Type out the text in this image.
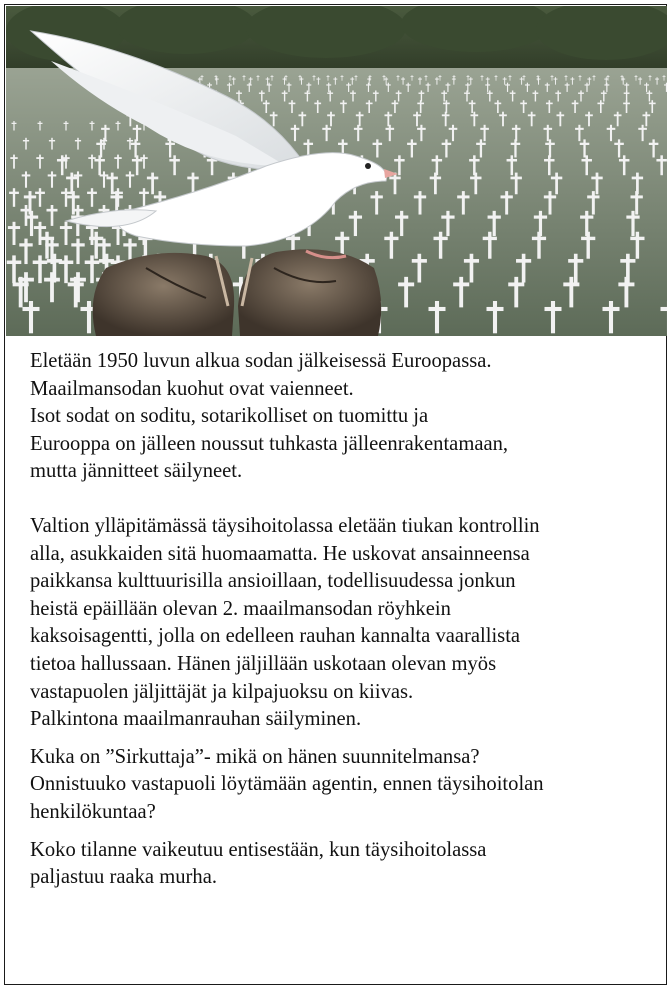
Eletään 1950 luvun alkua sodan jälkeisessä Euroopassa.
Maailmansodan kuohut ovat vaienneet.
Isot sodat on soditu, sotarikolliset on tuomittu ja
Eurooppa on jälleen noussut tuhkasta jälleenrakentamaan,
mutta jännitteet säilyneet.

Valtion ylläpitämässä täysihoitolassa eletään tiukan kontrollin
alla, asukkaiden sitä huomaamatta. He uskovat ansainneensa
paikkansa kulttuurisilla ansioillaan, todellisuudessa jonkun
heistä epäillään olevan 2. maailmansodan röyhkein
kaksoisagentti, jolla on edelleen rauhan kannalta vaarallista
tietoa hallussaan. Hänen jäljillään uskotaan olevan myös
vastapuolen jäljittäjät ja kilpajuoksu on kiivas.
Palkintona maailmanrauhan säilyminen.

Kuka on ”Sirkuttaja”- mikä on hänen suunnitelmansa?
Onnistuuko vastapuoli löytämään agentin, ennen täysihoitolan
henkilökuntaa?

Koko tilanne vaikeutuu entisestään, kun täysihoitolassa
paljastuu raaka murha.
